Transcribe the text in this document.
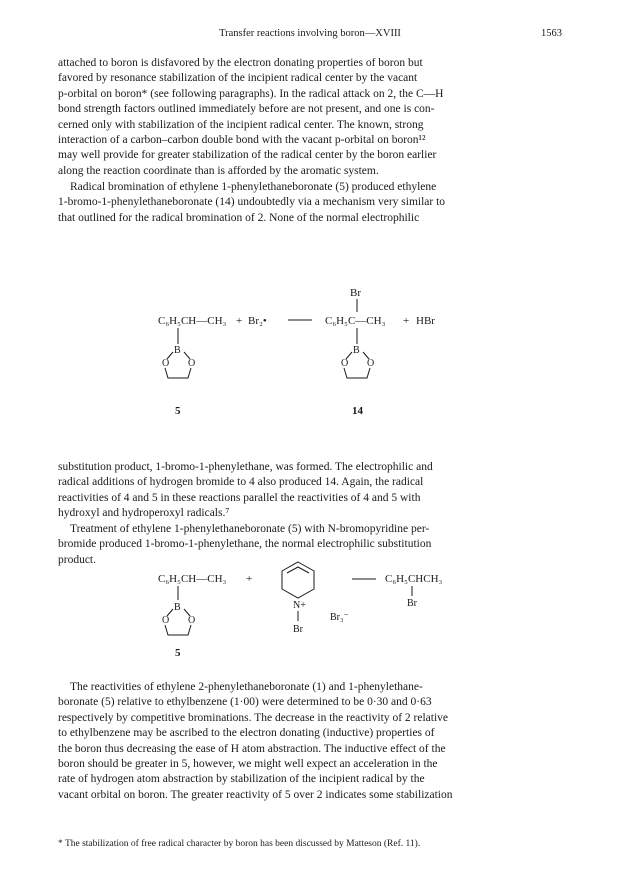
Transfer reactions involving boron—XVIII	1563

attached to boron is disfavored by the electron donating properties of boron but

favored by resonance stabilization of the incipient radical center by the vacant

p-orbital on boron* (see following paragraphs). In the radical attack on 2, the C—H

bond strength factors outlined immediately before are not present, and one is con-

cerned only with stabilization of the incipient radical center. The known, strong

interaction of a carbon–carbon double bond with the vacant p-orbital on boron¹²

may well provide for greater stabilization of the radical center by the boron earlier

along the reaction coordinate than is afforded by the aromatic system.

Radical bromination of ethylene 1-phenylethaneboronate (5) produced ethylene

1-bromo-1-phenylethaneboronate (14) undoubtedly via a mechanism very similar to

that outlined for the radical bromination of 2. None of the normal electrophilic

C₆H₅CH—CH₃ + Br₂•
Br
C₆H₅C—CH₃ + HBr
B
O O
B
O O
5	14

substitution product, 1-bromo-1-phenylethane, was formed. The electrophilic and

radical additions of hydrogen bromide to 4 also produced 14. Again, the radical

reactivities of 4 and 5 in these reactions parallel the reactivities of 4 and 5 with

hydroxyl and hydroperoxyl radicals.⁷

Treatment of ethylene 1-phenylethaneboronate (5) with N-bromopyridine per-

bromide produced 1-bromo-1-phenylethane, the normal electrophilic substitution

product.

C₆H₅CH—CH₃
B
O O
+
N+
Br
Br₃⁻
C₆H₅CHCH₃
Br
5

The reactivities of ethylene 2-phenylethaneboronate (1) and 1-phenylethane-

boronate (5) relative to ethylbenzene (1·00) were determined to be 0·30 and 0·63

respectively by competitive brominations. The decrease in the reactivity of 2 relative

to ethylbenzene may be ascribed to the electron donating (inductive) properties of

the boron thus decreasing the ease of H atom abstraction. The inductive effect of the

boron should be greater in 5, however, we might well expect an acceleration in the

rate of hydrogen atom abstraction by stabilization of the incipient radical by the

vacant orbital on boron. The greater reactivity of 5 over 2 indicates some stabilization

* The stabilization of free radical character by boron has been discussed by Matteson (Ref. 11).
